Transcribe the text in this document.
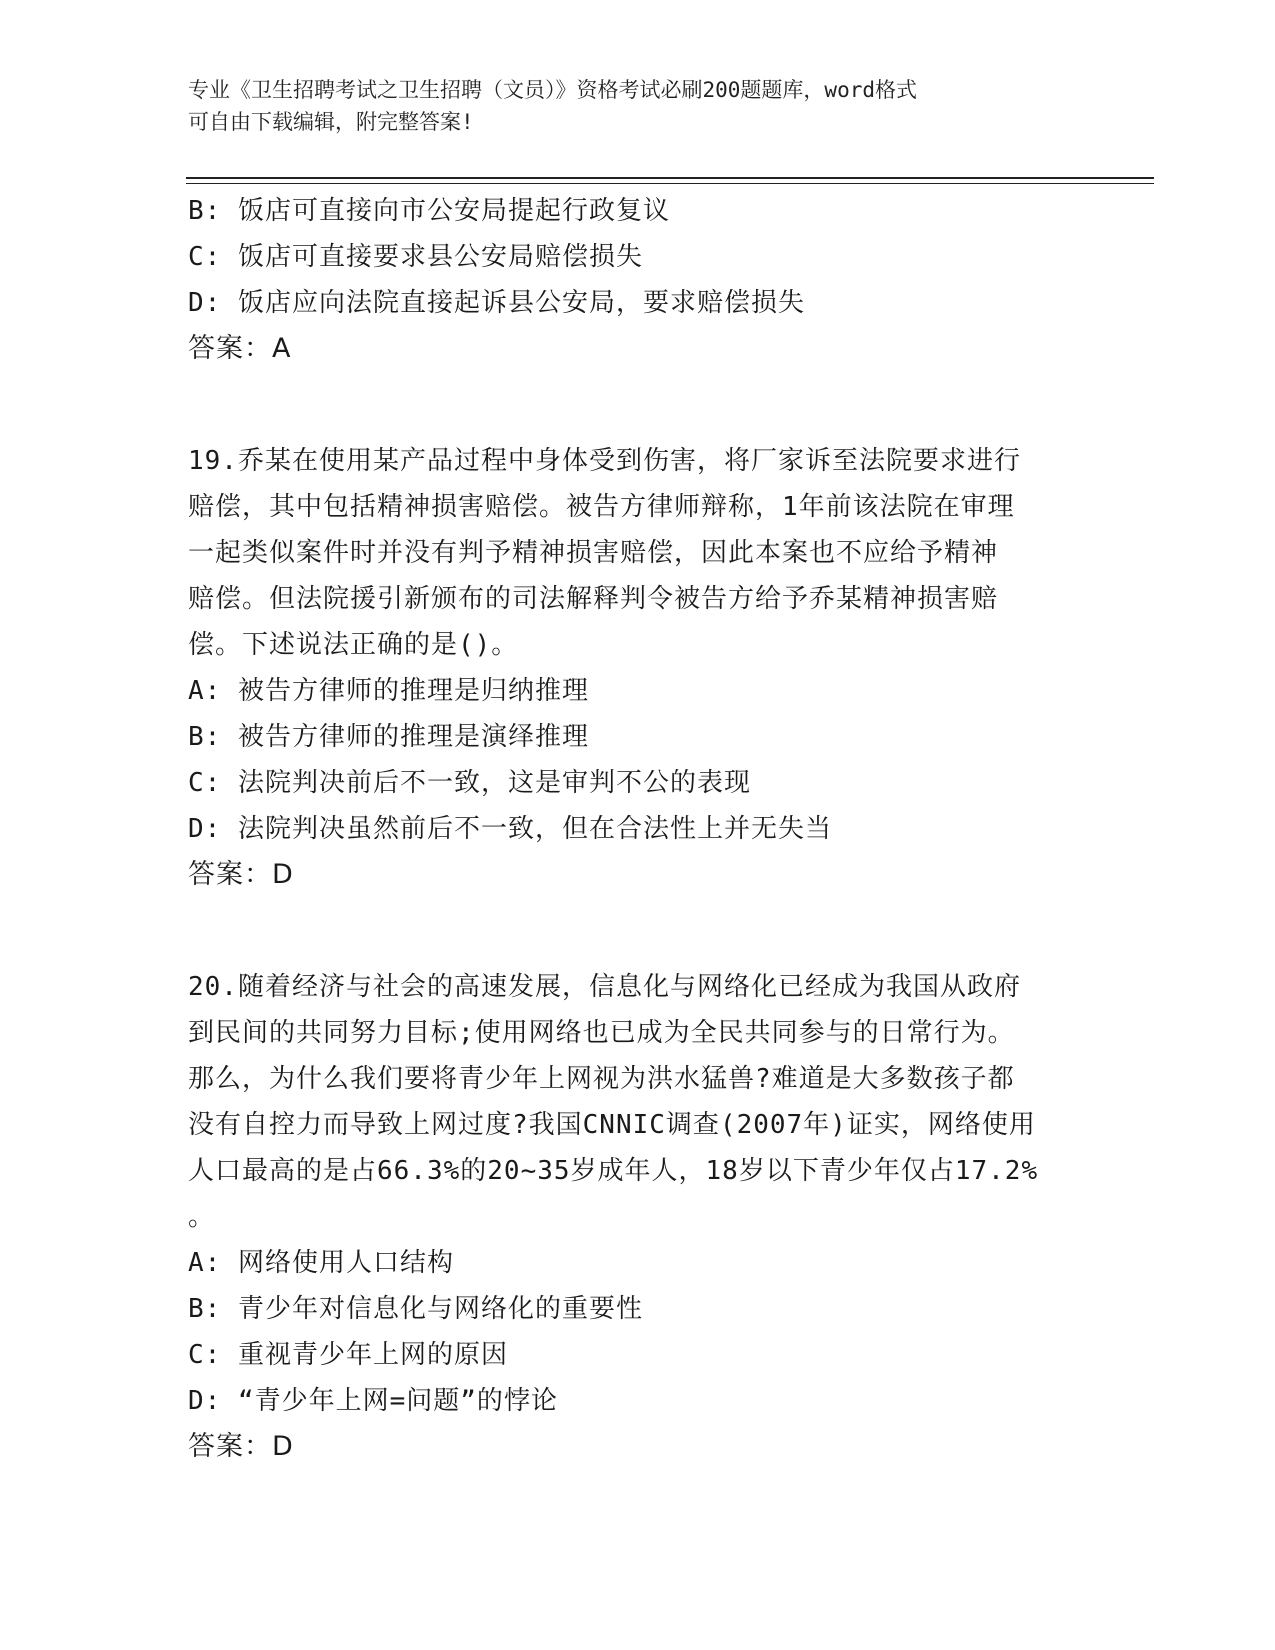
专业《卫生招聘考试之卫生招聘（文员）》资格考试必刷200题题库，word格式
可自由下载编辑，附完整答案!
B: 饭店可直接向市公安局提起行政复议
C: 饭店可直接要求县公安局赔偿损失
D: 饭店应向法院直接起诉县公安局，要求赔偿损失
答案：A
19.乔某在使用某产品过程中身体受到伤害，将厂家诉至法院要求进行
赔偿，其中包括精神损害赔偿。被告方律师辩称，1年前该法院在审理
一起类似案件时并没有判予精神损害赔偿，因此本案也不应给予精神
赔偿。但法院援引新颁布的司法解释判令被告方给予乔某精神损害赔
偿。下述说法正确的是()。
A: 被告方律师的推理是归纳推理
B: 被告方律师的推理是演绎推理
C: 法院判决前后不一致，这是审判不公的表现
D: 法院判决虽然前后不一致，但在合法性上并无失当
答案：D
20.随着经济与社会的高速发展，信息化与网络化已经成为我国从政府
到民间的共同努力目标;使用网络也已成为全民共同参与的日常行为。
那么，为什么我们要将青少年上网视为洪水猛兽?难道是大多数孩子都
没有自控力而导致上网过度?我国CNNIC调查(2007年)证实，网络使用
人口最高的是占66.3%的20~35岁成年人，18岁以下青少年仅占17.2%
。
A: 网络使用人口结构
B: 青少年对信息化与网络化的重要性
C: 重视青少年上网的原因
D: “青少年上网=问题”的悖论
答案：D
